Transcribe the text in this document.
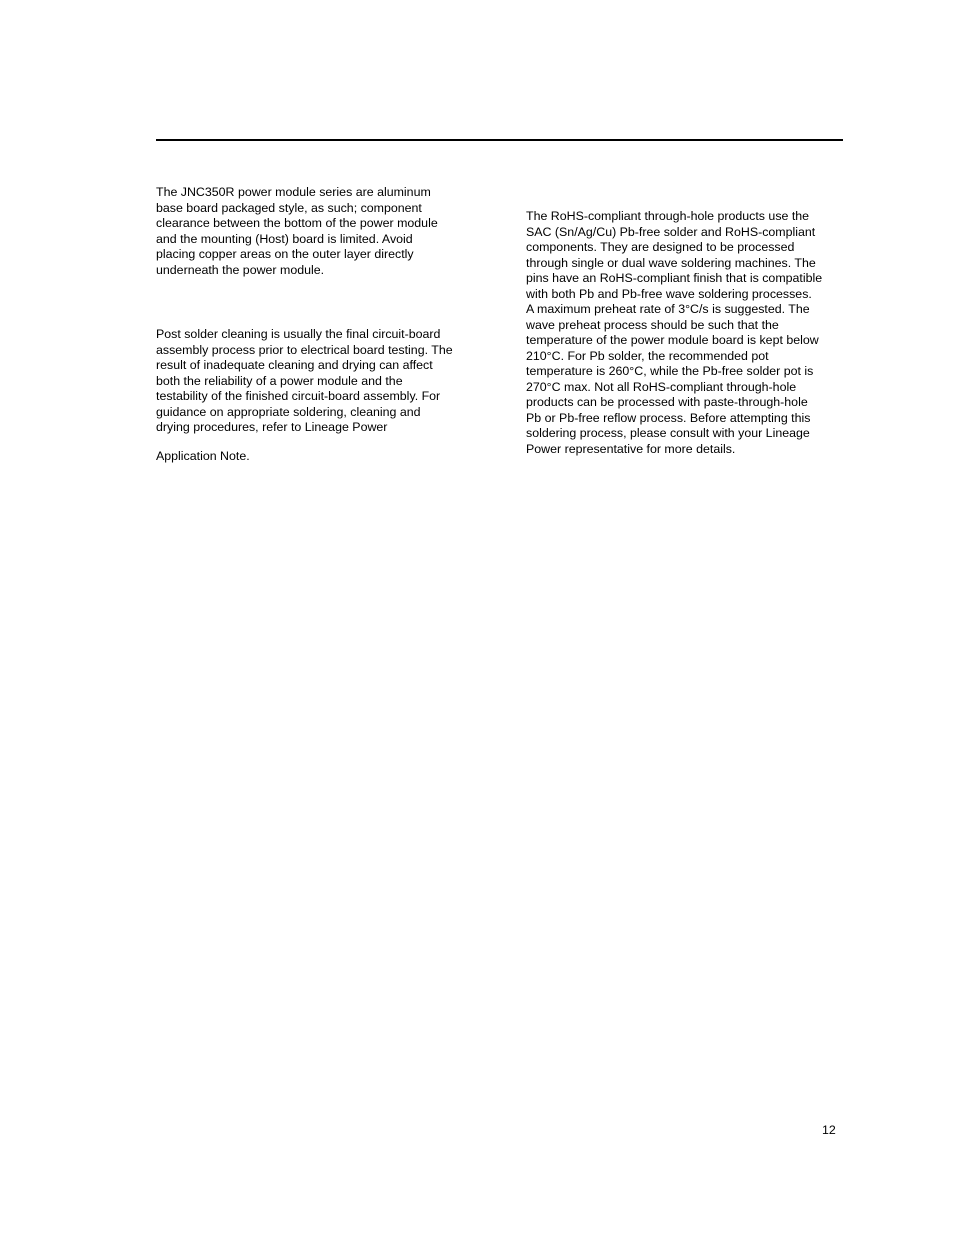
The JNC350R power module series are aluminum
base board packaged style, as such; component
clearance between the bottom of the power module
and the mounting (Host) board is limited. Avoid
placing copper areas on the outer layer directly
underneath the power module.

Post solder cleaning is usually the final circuit-board
assembly process prior to electrical board testing. The
result of inadequate cleaning and drying can affect
both the reliability of a power module and the
testability of the finished circuit-board assembly. For
guidance on appropriate soldering, cleaning and
drying procedures, refer to Lineage Power

Application Note.

The RoHS-compliant through-hole products use the
SAC (Sn/Ag/Cu) Pb-free solder and RoHS-compliant
components. They are designed to be processed
through single or dual wave soldering machines. The
pins have an RoHS-compliant finish that is compatible
with both Pb and Pb-free wave soldering processes.
A maximum preheat rate of 3°C/s is suggested. The
wave preheat process should be such that the
temperature of the power module board is kept below
210°C. For Pb solder, the recommended pot
temperature is 260°C, while the Pb-free solder pot is
270°C max. Not all RoHS-compliant through-hole
products can be processed with paste-through-hole
Pb or Pb-free reflow process. Before attempting this
soldering process, please consult with your Lineage
Power representative for more details.

12
